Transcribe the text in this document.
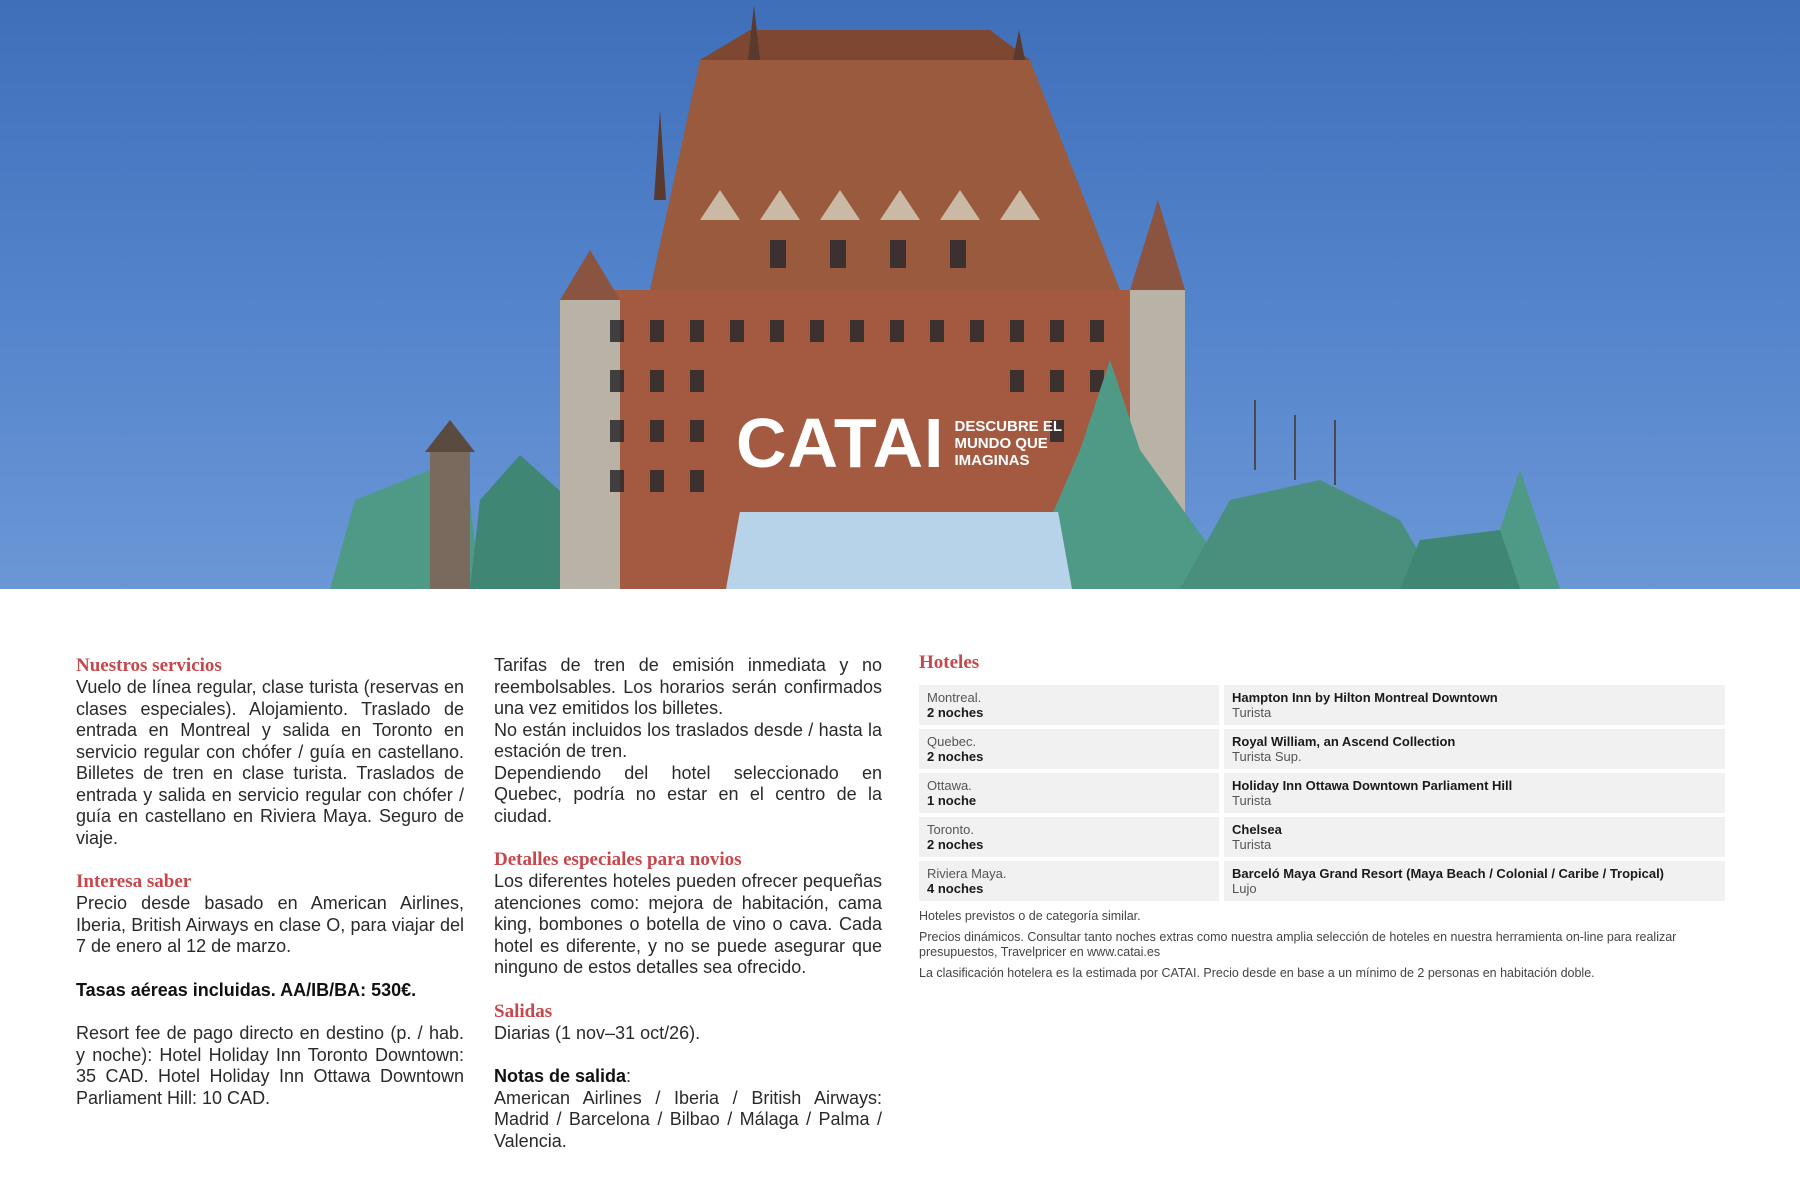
CATAI DESCUBRE EL MUNDO QUE IMAGINAS
Nuestros servicios

Vuelo de línea regular, clase turista (reservas en clases especiales). Alojamiento. Traslado de entrada en Montreal y salida en Toronto en servicio regular con chófer / guía en castellano. Billetes de tren en clase turista. Traslados de entrada y salida en servicio regular con chófer / guía en castellano en Riviera Maya. Seguro de viaje.

Interesa saber

Precio desde basado en American Airlines, Iberia, British Airways en clase O, para viajar del 7 de enero al 12 de marzo.

Tasas aéreas incluidas. AA/IB/BA: 530€.

Resort fee de pago directo en destino (p. / hab. y noche): Hotel Holiday Inn Toronto Downtown: 35 CAD. Hotel Holiday Inn Ottawa Downtown Parliament Hill: 10 CAD.

Tarifas de tren de emisión inmediata y no reembolsables. Los horarios serán confirmados una vez emitidos los billetes.

No están incluidos los traslados desde / hasta la estación de tren.

Dependiendo del hotel seleccionado en Quebec, podría no estar en el centro de la ciudad.

Detalles especiales para novios

Los diferentes hoteles pueden ofrecer pequeñas atenciones como: mejora de habitación, cama king, bombones o botella de vino o cava. Cada hotel es diferente, y no se puede asegurar que ninguno de estos detalles sea ofrecido.

Salidas

Diarias (1 nov–31 oct/26).

Notas de salida:

American Airlines / Iberia / British Airways: Madrid / Barcelona / Bilbao / Málaga / Palma / Valencia.

Hoteles
Montreal.
2 noches
Hampton Inn by Hilton Montreal Downtown
Turista
Quebec.
2 noches
Royal William, an Ascend Collection
Turista Sup.
Ottawa.
1 noche
Holiday Inn Ottawa Downtown Parliament Hill
Turista
Toronto.
2 noches
Chelsea
Turista
Riviera Maya.
4 noches
Barceló Maya Grand Resort (Maya Beach / Colonial / Caribe / Tropical)
Lujo

Hoteles previstos o de categoría similar.

Precios dinámicos. Consultar tanto noches extras como nuestra amplia selección de hoteles en nuestra herramienta on-line para realizar presupuestos, Travelpricer en www.catai.es

La clasificación hotelera es la estimada por CATAI. Precio desde en base a un mínimo de 2 personas en habitación doble.
